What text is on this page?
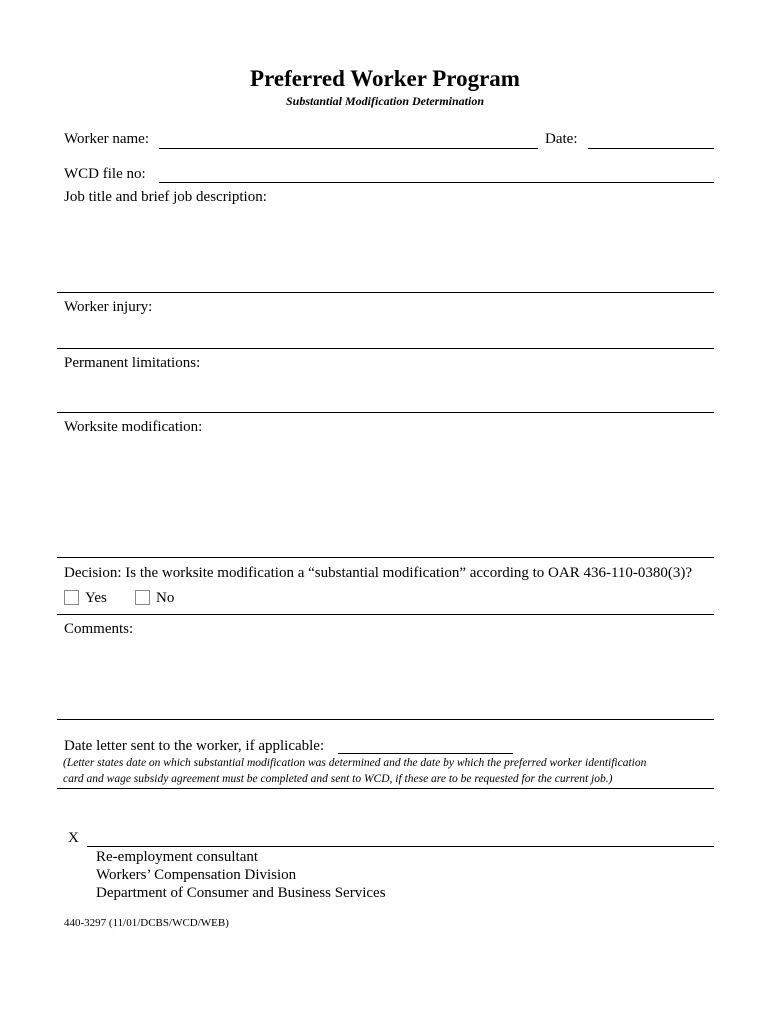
Preferred Worker Program
Substantial Modification Determination
Worker name:	Date:
WCD file no:
Job title and brief job description:
Worker injury:
Permanent limitations:
Worksite modification:
Decision: Is the worksite modification a “substantial modification” according to OAR 436-110-0380(3)?
Yes	No
Comments:
Date letter sent to the worker, if applicable:
(Letter states date on which substantial modification was determined and the date by which the preferred worker identification
card and wage subsidy agreement must be completed and sent to WCD, if these are to be requested for the current job.)
X
Re-employment consultant
Workers’ Compensation Division
Department of Consumer and Business Services
440-3297 (11/01/DCBS/WCD/WEB)
